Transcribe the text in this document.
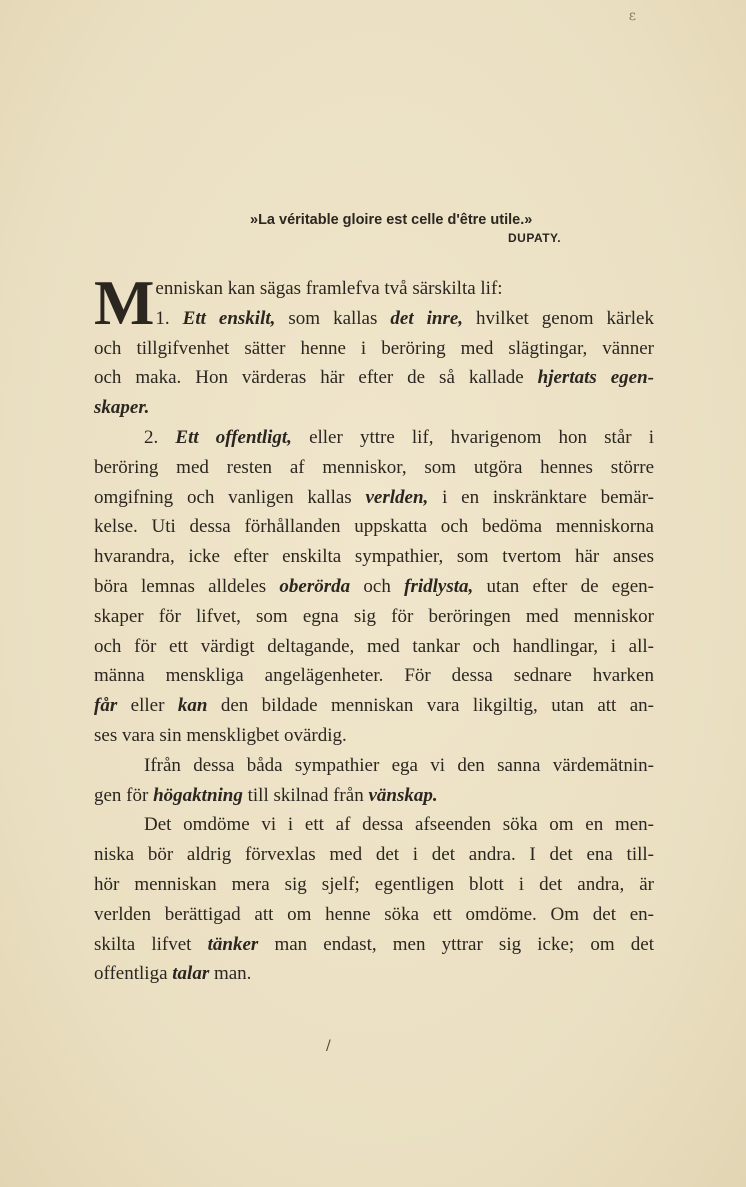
ε
»La véritable gloire est celle d'être utile.»
DUPATY.
M enniskan kan sägas framlefva två särskilta lif:
1. Ett enskilt, som kallas det inre, hvilket genom kärlek
och tillgifvenhet sätter henne i beröring med slägtingar, vänner
och maka. Hon värderas här efter de så kallade hjertats egen-
skaper.
2. Ett offentligt, eller yttre lif, hvarigenom hon står i
beröring med resten af menniskor, som utgöra hennes större
omgifning och vanligen kallas verlden, i en inskränktare bemär-
kelse. Uti dessa förhållanden uppskatta och bedöma menniskorna
hvarandra, icke efter enskilta sympathier, som tvertom här anses
böra lemnas alldeles oberörda och fridlysta, utan efter de egen-
skaper för lifvet, som egna sig för beröringen med menniskor
och för ett värdigt deltagande, med tankar och handlingar, i all-
männa menskliga angelägenheter. För dessa sednare hvarken
får eller kan den bildade menniskan vara likgiltig, utan att an-
ses vara sin menskligbet ovärdig.
Ifrån dessa båda sympathier ega vi den sanna värdemätnin-
gen för högaktning till skilnad från vänskap.
Det omdöme vi i ett af dessa afseenden söka om en men-
niska bör aldrig förvexlas med det i det andra. I det ena till-
hör menniskan mera sig sjelf; egentligen blott i det andra, är
verlden berättigad att om henne söka ett omdöme. Om det en-
skilta lifvet tänker man endast, men yttrar sig icke; om det
offentliga talar man.
/
